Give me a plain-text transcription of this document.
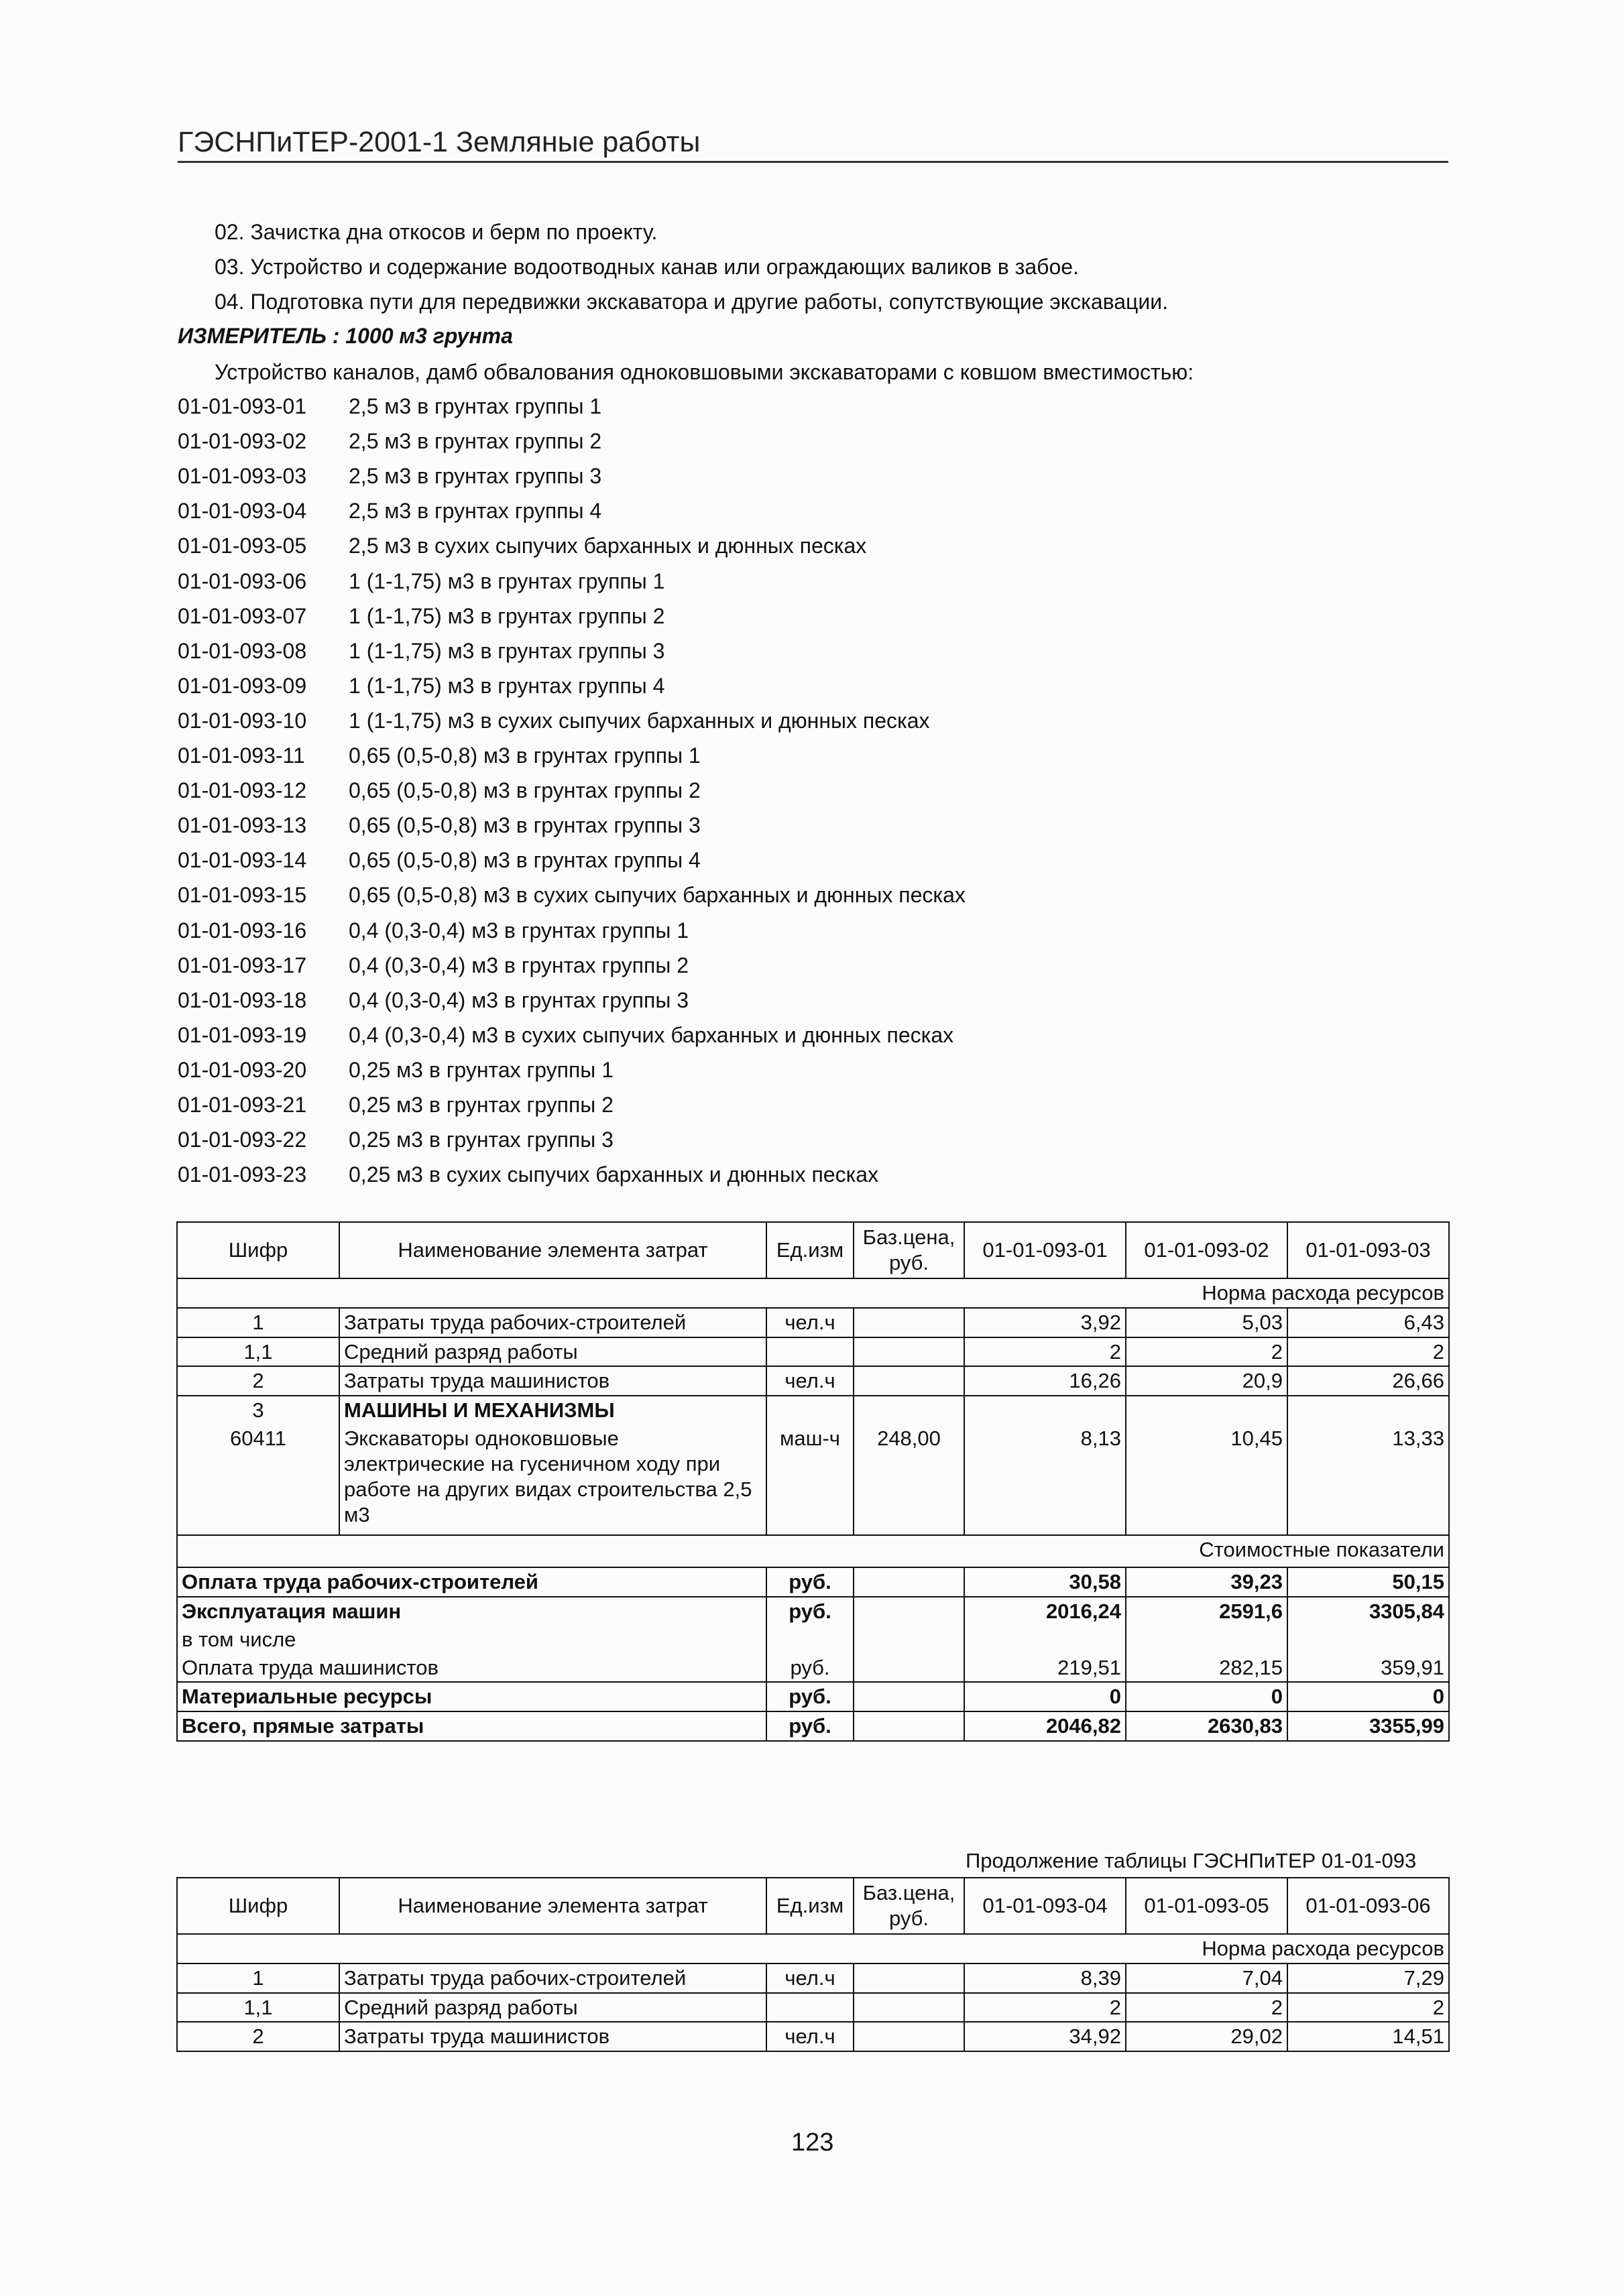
ГЭСНПиТЕР-2001-1 Земляные работы
02. Зачистка дна откосов и берм по проекту.
03. Устройство и содержание водоотводных канав или ограждающих валиков в забое.
04. Подготовка пути для передвижки экскаватора и другие работы, сопутствующие экскавации.
ИЗМЕРИТЕЛЬ : 1000 м3 грунта
Устройство каналов, дамб обвалования одноковшовыми экскаваторами с ковшом вместимостью:
01-01-093-01 2,5 м3 в грунтах группы 1
01-01-093-02 2,5 м3 в грунтах группы 2
01-01-093-03 2,5 м3 в грунтах группы 3
01-01-093-04 2,5 м3 в грунтах группы 4
01-01-093-05 2,5 м3 в сухих сыпучих барханных и дюнных песках
01-01-093-06 1 (1-1,75) м3 в грунтах группы 1
01-01-093-07 1 (1-1,75) м3 в грунтах группы 2
01-01-093-08 1 (1-1,75) м3 в грунтах группы 3
01-01-093-09 1 (1-1,75) м3 в грунтах группы 4
01-01-093-10 1 (1-1,75) м3 в сухих сыпучих барханных и дюнных песках
01-01-093-11 0,65 (0,5-0,8) м3 в грунтах группы 1
01-01-093-12 0,65 (0,5-0,8) м3 в грунтах группы 2
01-01-093-13 0,65 (0,5-0,8) м3 в грунтах группы 3
01-01-093-14 0,65 (0,5-0,8) м3 в грунтах группы 4
01-01-093-15 0,65 (0,5-0,8) м3 в сухих сыпучих барханных и дюнных песках
01-01-093-16 0,4 (0,3-0,4) м3 в грунтах группы 1
01-01-093-17 0,4 (0,3-0,4) м3 в грунтах группы 2
01-01-093-18 0,4 (0,3-0,4) м3 в грунтах группы 3
01-01-093-19 0,4 (0,3-0,4) м3 в сухих сыпучих барханных и дюнных песках
01-01-093-20 0,25 м3 в грунтах группы 1
01-01-093-21 0,25 м3 в грунтах группы 2
01-01-093-22 0,25 м3 в грунтах группы 3
01-01-093-23 0,25 м3 в сухих сыпучих барханных и дюнных песках
Шифр	Наименование элемента затрат	Ед.изм	Баз.цена, руб.	01-01-093-01	01-01-093-02	01-01-093-03
Норма расхода ресурсов						
1	Затраты труда рабочих-строителей	чел.ч		3,92	5,03	6,43
1,1	Средний разряд работы			2	2	2
2	Затраты труда машинистов	чел.ч		16,26	20,9	26,66
3	МАШИНЫ И МЕХАНИЗМЫ					
60411	Экскаваторы одноковшовые электрические на гусеничном ходу при работе на других видах строительства 2,5 м3	маш-ч	248,00	8,13	10,45	13,33
Стоимостные показатели						
Оплата труда рабочих-строителей		руб.		30,58	39,23	50,15
Эксплуатация машин		руб.		2016,24	2591,6	3305,84
в том числе						
Оплата труда машинистов		руб.		219,51	282,15	359,91
Материальные ресурсы		руб.		0	0	0
Всего, прямые затраты		руб.		2046,82	2630,83	3355,99
Продолжение таблицы ГЭСНПиТЕР 01-01-093
Шифр	Наименование элемента затрат	Ед.изм	Баз.цена, руб.	01-01-093-04	01-01-093-05	01-01-093-06
Норма расхода ресурсов						
1	Затраты труда рабочих-строителей	чел.ч		8,39	7,04	7,29
1,1	Средний разряд работы			2	2	2
2	Затраты труда машинистов	чел.ч		34,92	29,02	14,51
123
